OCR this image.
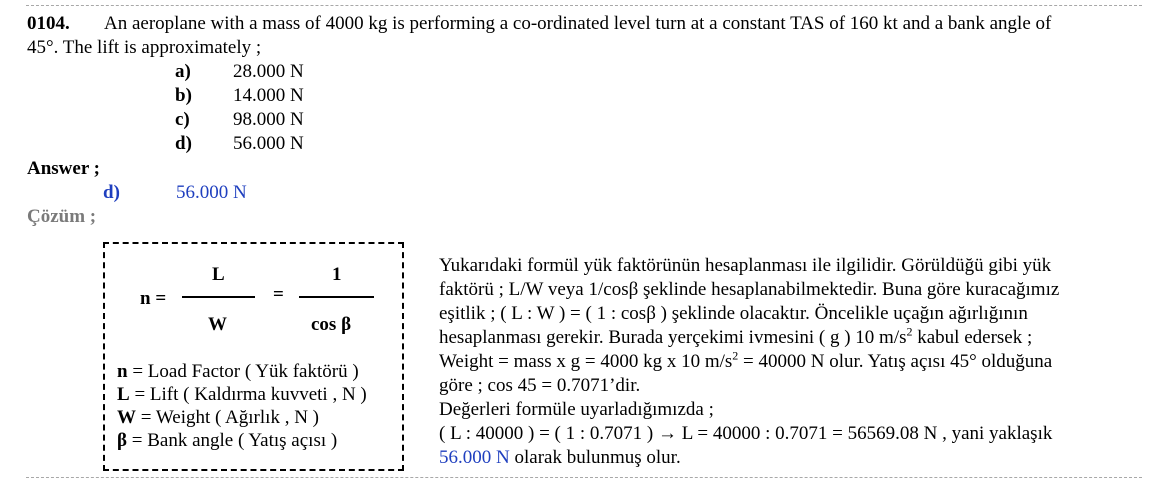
0104. An aeroplane with a mass of 4000 kg is performing a co-ordinated level turn at a constant TAS of 160 kt and a bank angle of
45°. The lift is approximately ;
a) 28.000 N
b) 14.000 N
c) 98.000 N
d) 56.000 N
Answer ;
d)	56.000 N
Çözüm ;
n =
L
W
=
1
cos β
n = Load Factor ( Yük faktörü )
L = Lift ( Kaldırma kuvveti , N )
W = Weight ( Ağırlık , N )
β = Bank angle ( Yatış açısı )
Yukarıdaki formül yük faktörünün hesaplanması ile ilgilidir. Görüldüğü gibi yük
faktörü ; L/W veya 1/cosβ şeklinde hesaplanabilmektedir. Buna göre kuracağımız
eşitlik ; ( L : W ) = ( 1 : cosβ ) şeklinde olacaktır. Öncelikle uçağın ağırlığının
hesaplanması gerekir. Burada yerçekimi ivmesini ( g ) 10 $m/s^2$ kabul edersek ;
Weight = mass x g = 4000 kg x 10 $m/s^2 = 40000$ N olur. Yatış açısı 45° olduğuna
göre ; cos 45 = 0.7071’dir.
Değerleri formüle uyarladığımızda ;
( L : 40000 ) = ( 1 : 0.7071 ) → L = 40000 : 0.7071 = 56569.08 N , yani yaklaşık
56.000 N olarak bulunmuş olur.
